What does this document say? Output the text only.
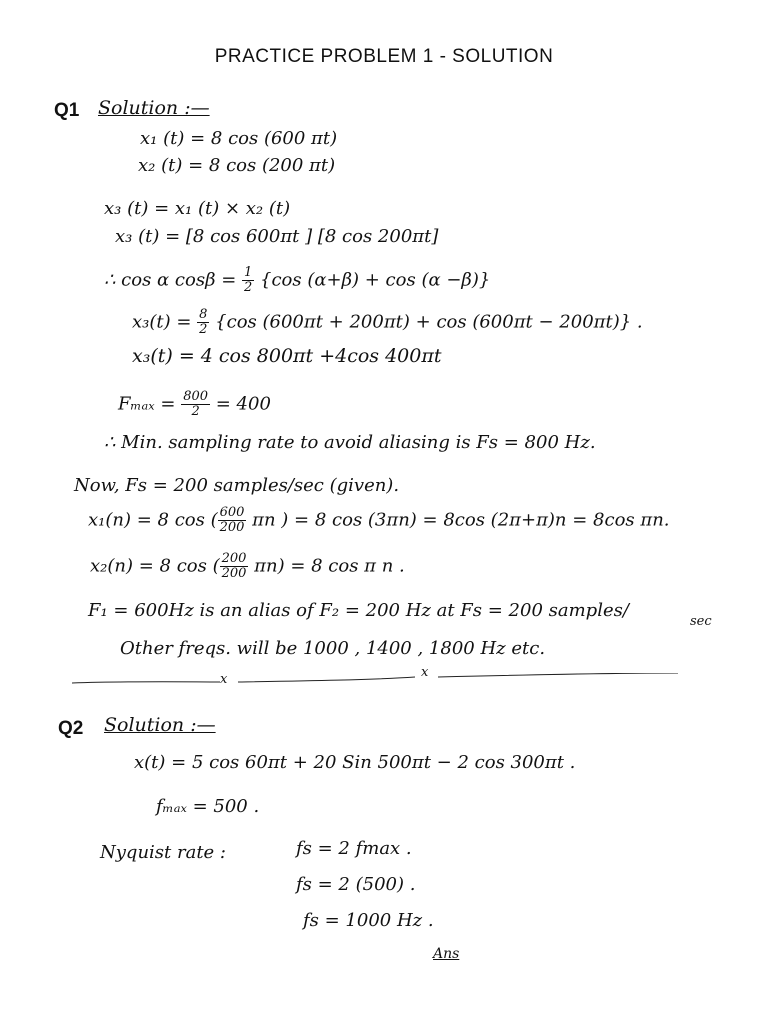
PRACTICE PROBLEM 1 - SOLUTION
Q1 Solution :—
x₁ (t) = 8 cos (600 πt)
x₂ (t) = 8 cos (200 πt)
x₃ (t) = x₁ (t) × x₂ (t)
x₃ (t) = [8 cos 600πt ] [8 cos 200πt]
∴ cos α $\cos\beta = \frac{1}{2} \{\cos$ (α+β) + cos (α −β)}
$x_3(t) = \frac{8}{2} \{\cos$ (600πt + 200πt) + cos (600πt − 200πt)} .
x₃(t) = 4 cos 800πt +4cos 400πt
$F_{max} = \frac{800}{2} = 400$
∴ Min. sampling rate to avoid aliasing is Fs = 800 Hz.
Now, Fs = 200 samples/sec (given).
x₁(n) = 8 cos ( $\frac{600}{200}$ πn ) = 8 cos (3πn) = 8cos (2π+π)n = 8cos πn.
x₂(n) = 8 cos ( $\frac{200}{200} \pi n) = 8$ cos π n .
F₁ = 600Hz is an alias of F₂ = 200 Hz at Fs = 200 samples/
sec
Other freqs. will be 1000 , 1400 , 1800 Hz etc.
x	x
Q2 Solution :—
x(t) = 5 cos 60πt + 20 Sin 500πt − 2 cos 300πt .
fₘₐₓ = 500 .
Nyquist rate :	fs = 2 fmax .
fs = 2 (500) .
fs = 1000 Hz .
Ans
